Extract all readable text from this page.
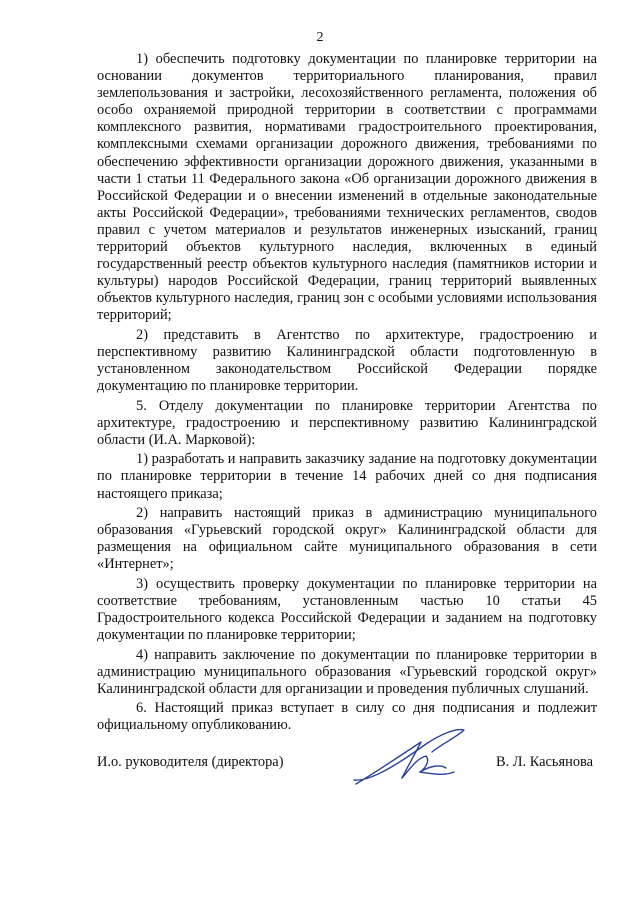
2

1) обеспечить подготовку документации по планировке территории на основании документов территориального планирования, правил землепользования и застройки, лесохозяйственного регламента, положения об особо охраняемой природной территории в соответствии с программами комплексного развития, нормативами градостроительного проектирования, комплексными схемами организации дорожного движения, требованиями по обеспечению эффективности организации дорожного движения, указанными в части 1 статьи 11 Федерального закона «Об организации дорожного движения в Российской Федерации и о внесении изменений в отдельные законодательные акты Российской Федерации», требованиями технических регламентов, сводов правил с учетом материалов и результатов инженерных изысканий, границ территорий объектов культурного наследия, включенных в единый государственный реестр объектов культурного наследия (памятников истории и культуры) народов Российской Федерации, границ территорий выявленных объектов культурного наследия, границ зон с особыми условиями использования территорий;

2) представить в Агентство по архитектуре, градостроению и перспективному развитию Калининградской области подготовленную в установленном законодательством Российской Федерации порядке документацию по планировке территории.

5. Отделу документации по планировке территории Агентства по архитектуре, градостроению и перспективному развитию Калининградской области (И.А. Марковой):

1) разработать и направить заказчику задание на подготовку документации по планировке территории в течение 14 рабочих дней со дня подписания настоящего приказа;

2) направить настоящий приказ в администрацию муниципального образования «Гурьевский городской округ» Калининградской области для размещения на официальном сайте муниципального образования в сети «Интернет»;

3) осуществить проверку документации по планировке территории на соответствие требованиям, установленным частью 10 статьи 45 Градостроительного кодекса Российской Федерации и заданием на подготовку документации по планировке территории;

4) направить заключение по документации по планировке территории в администрацию муниципального образования «Гурьевский городской округ» Калининградской области для организации и проведения публичных слушаний.

6. Настоящий приказ вступает в силу со дня подписания и подлежит официальному опубликованию.

И.о. руководителя (директора)	В. Л. Касьянова
